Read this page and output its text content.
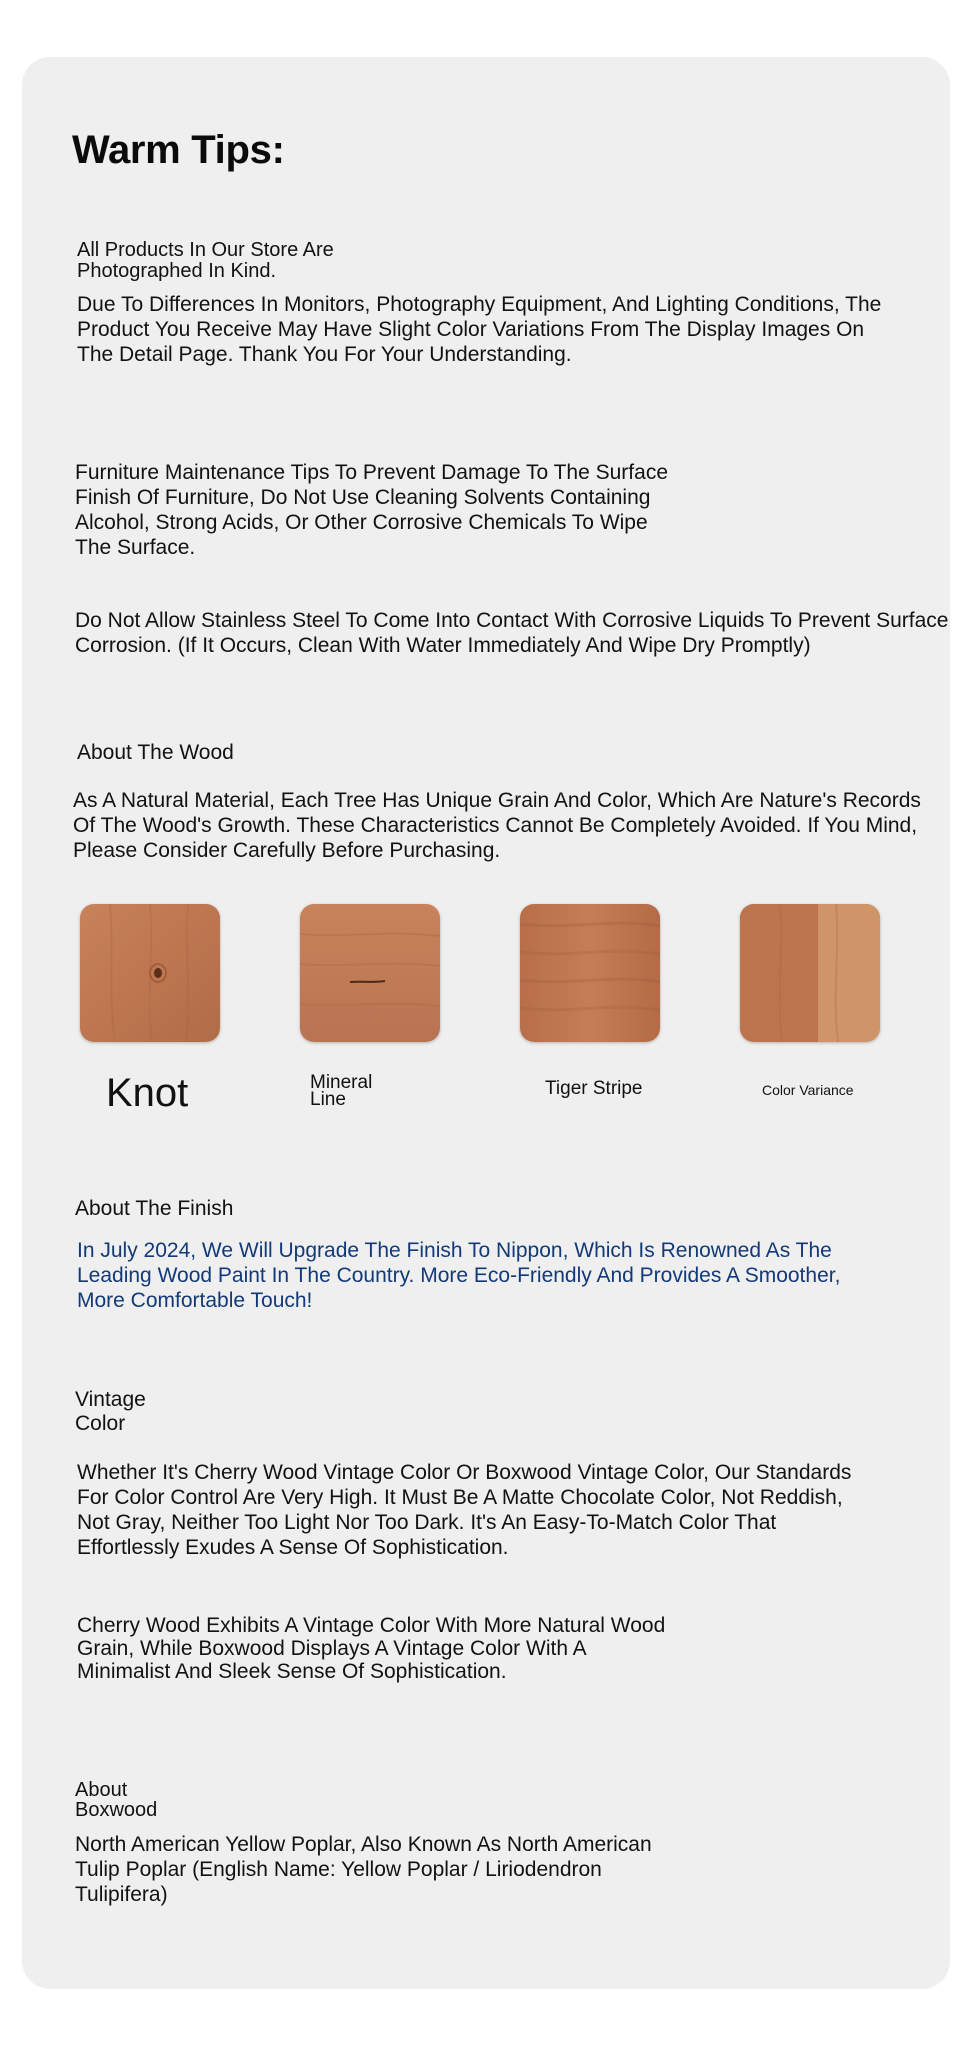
Warm Tips:
All Products In Our Store Are Photographed In Kind.
Due To Differences In Monitors, Photography Equipment, And Lighting Conditions, The Product You Receive May Have Slight Color Variations From The Display Images On The Detail Page. Thank You For Your Understanding.
Furniture Maintenance Tips To Prevent Damage To The Surface Finish Of Furniture, Do Not Use Cleaning Solvents Containing Alcohol, Strong Acids, Or Other Corrosive Chemicals To Wipe The Surface.
Do Not Allow Stainless Steel To Come Into Contact With Corrosive Liquids To Prevent Surface Corrosion. (If It Occurs, Clean With Water Immediately And Wipe Dry Promptly)
About The Wood
As A Natural Material, Each Tree Has Unique Grain And Color, Which Are Nature's Records Of The Wood's Growth. These Characteristics Cannot Be Completely Avoided. If You Mind, Please Consider Carefully Before Purchasing.
Knot	Mineral Line
Tiger Stripe	Color Variance
About The Finish
In July 2024, We Will Upgrade The Finish To Nippon, Which Is Renowned As The Leading Wood Paint In The Country. More Eco-Friendly And Provides A Smoother, More Comfortable Touch!
Vintage Color
Whether It's Cherry Wood Vintage Color Or Boxwood Vintage Color, Our Standards For Color Control Are Very High. It Must Be A Matte Chocolate Color, Not Reddish, Not Gray, Neither Too Light Nor Too Dark. It's An Easy-To-Match Color That Effortlessly Exudes A Sense Of Sophistication.
Cherry Wood Exhibits A Vintage Color With More Natural Wood Grain, While Boxwood Displays A Vintage Color With A Minimalist And Sleek Sense Of Sophistication.
About Boxwood
North American Yellow Poplar, Also Known As North American Tulip Poplar (English Name: Yellow Poplar / Liriodendron Tulipifera)
